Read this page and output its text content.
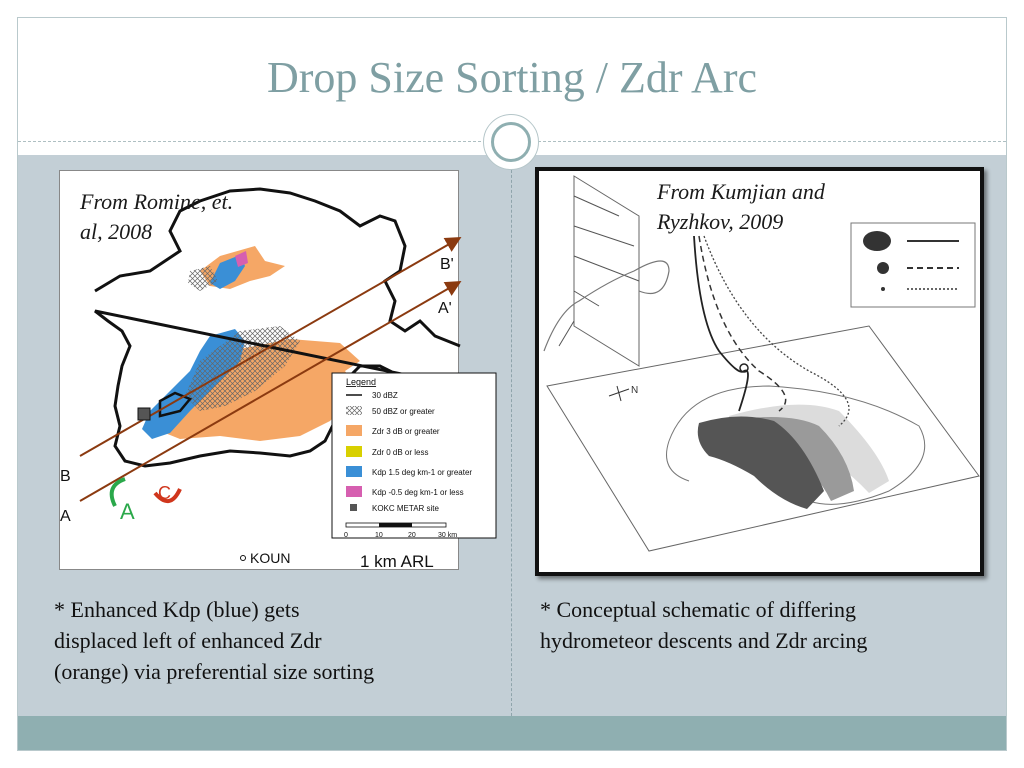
Drop Size Sorting / Zdr Arc
A
C
B
A
B'
A'
KOUN	1 km ARL
Legend
30 dBZ
50 dBZ or greater
Zdr 3 dB or greater
Zdr 0 dB or less
Kdp 1.5 deg km-1 or greater
Kdp -0.5 deg km-1 or less
KOKC METAR site
0	10	20	30 km
From Romine, et.
al, 2008
N
From Kumjian and
Ryzhkov, 2009
* Enhanced Kdp (blue) gets
displaced left of enhanced Zdr
(orange) via preferential size sorting
* Conceptual schematic of differing
hydrometeor descents and Zdr arcing
